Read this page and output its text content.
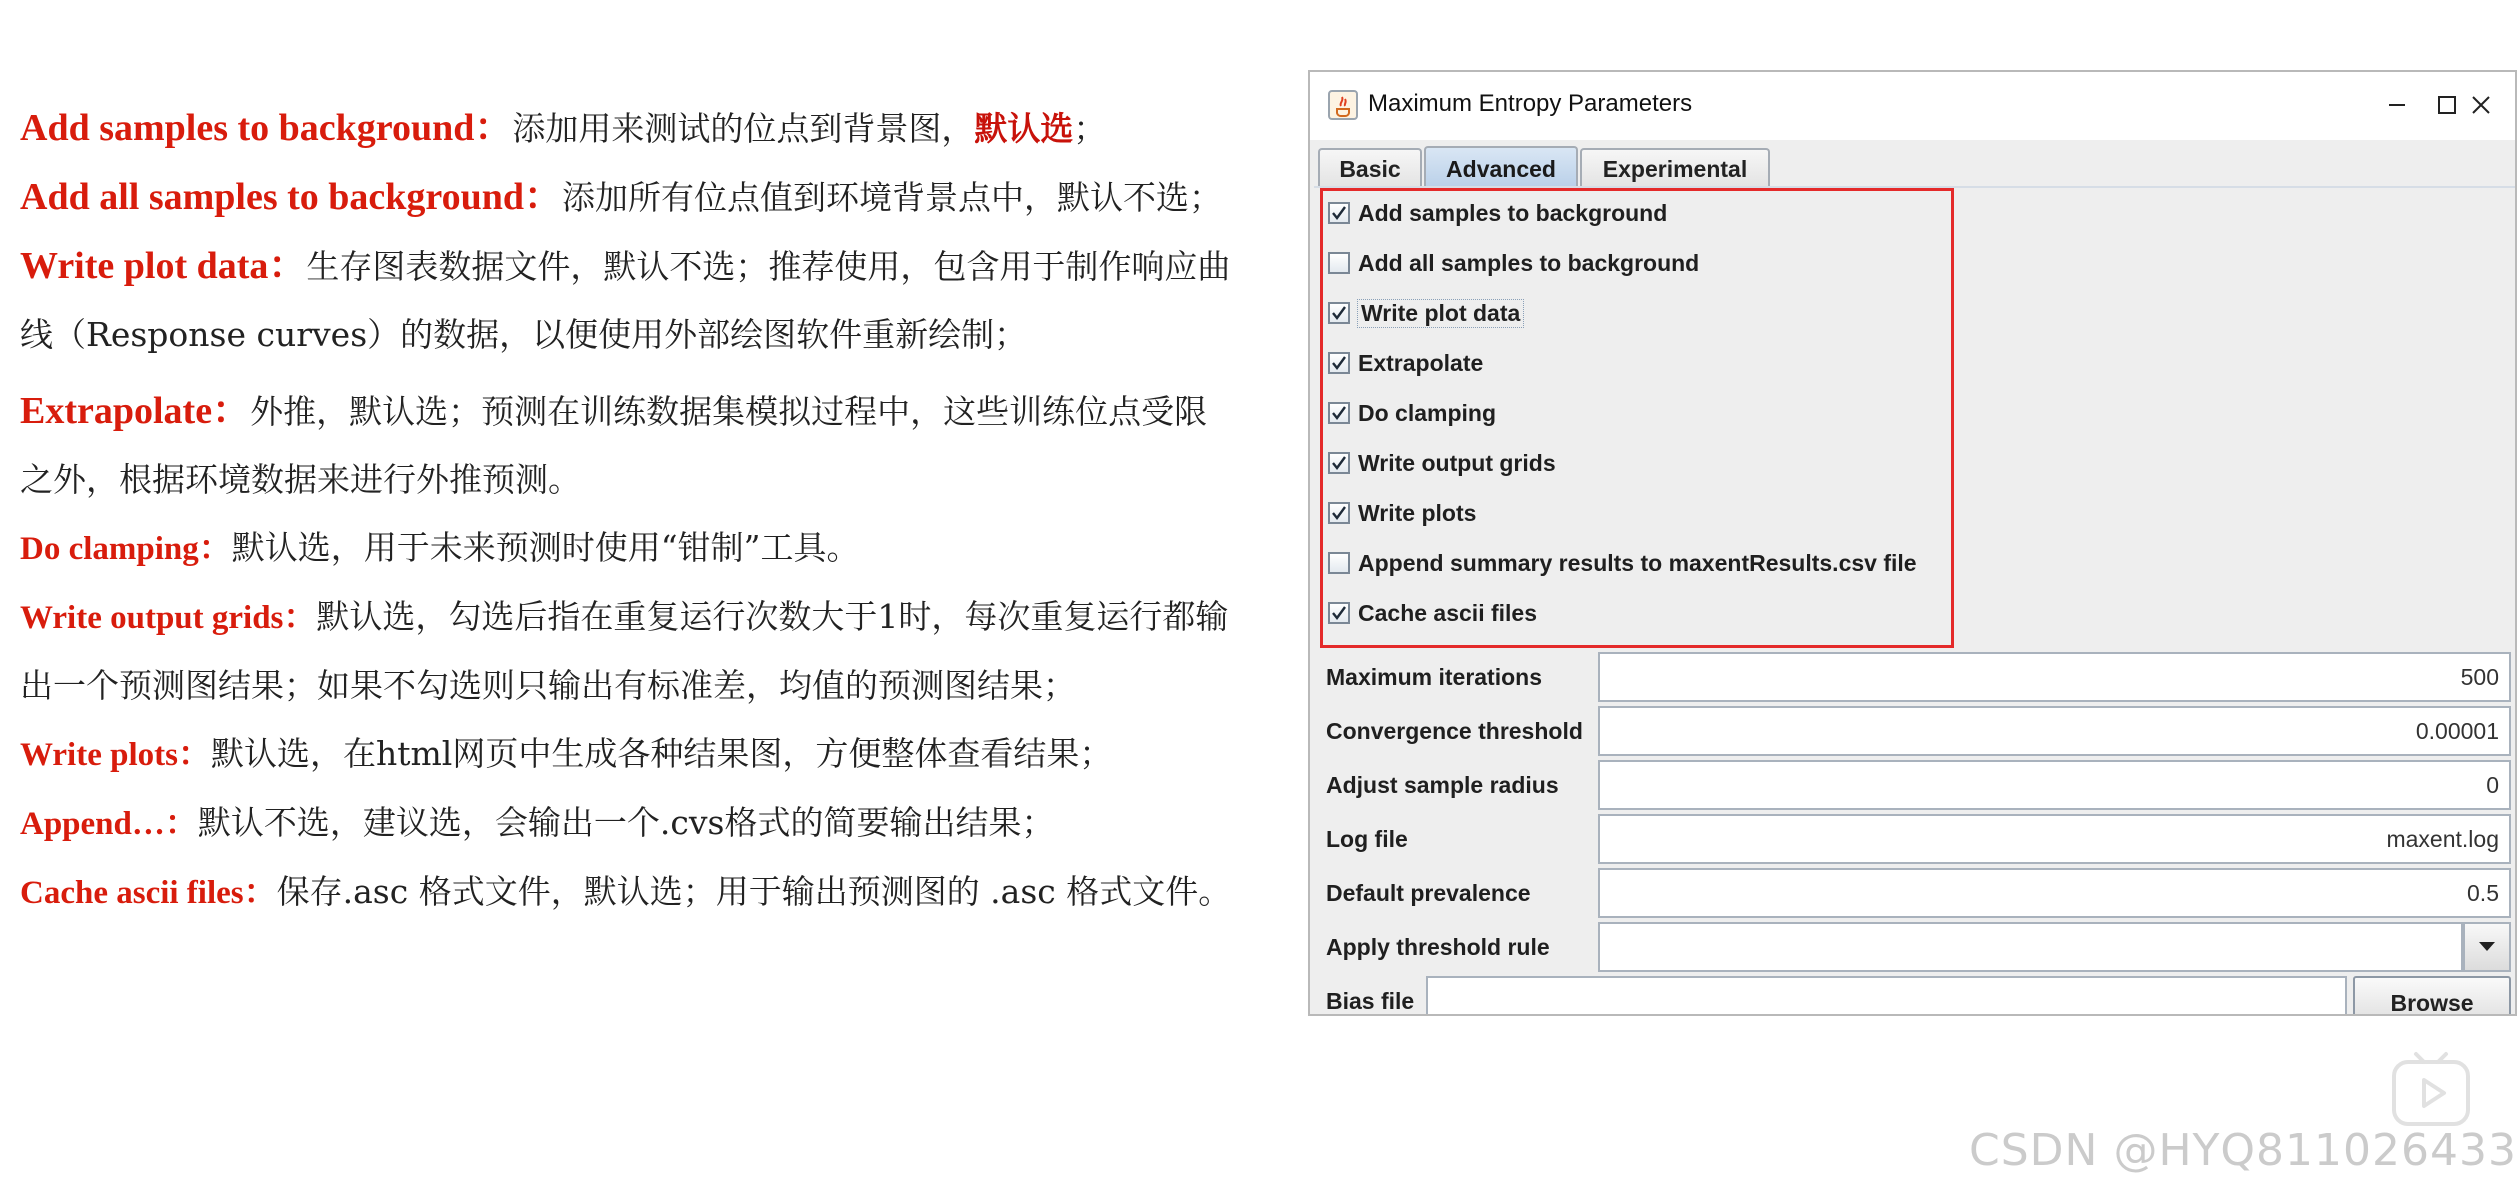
Add samples to background：添加用来测试的位点到背景图，默认选；

Add all samples to background：添加所有位点值到环境背景点中，默认不选；

Write plot data：生存图表数据文件，默认不选；推荐使用，包含用于制作响应曲线（Response curves）的数据，以便使用外部绘图软件重新绘制；

Extrapolate：外推，默认选；预测在训练数据集模拟过程中，这些训练位点受限之外，根据环境数据来进行外推预测。

Do clamping：默认选，用于未来预测时使用“钳制”工具。

Write output grids：默认选，勾选后指在重复运行次数大于1时，每次重复运行都输出一个预测图结果；如果不勾选则只输出有标准差，均值的预测图结果；

Write plots：默认选，在html网页中生成各种结果图，方便整体查看结果；

Append…：默认不选，建议选，会输出一个.cvs格式的简要输出结果；

Cache ascii files：保存.asc 格式文件，默认选；用于输出预测图的 .asc 格式文件。

Maximum Entropy Parameters
Basic	Advanced	Experimental
Add samples to background
Add all samples to background
Write plot data
Extrapolate
Do clamping
Write output grids
Write plots
Append summary results to maxentResults.csv file
Cache ascii files
Maximum iterations	500
Convergence threshold	0.00001
Adjust sample radius	0
Log file	maxent.log
Default prevalence	0.5
Apply threshold rule
Bias file	Browse
CSDN @HYQ811026433
